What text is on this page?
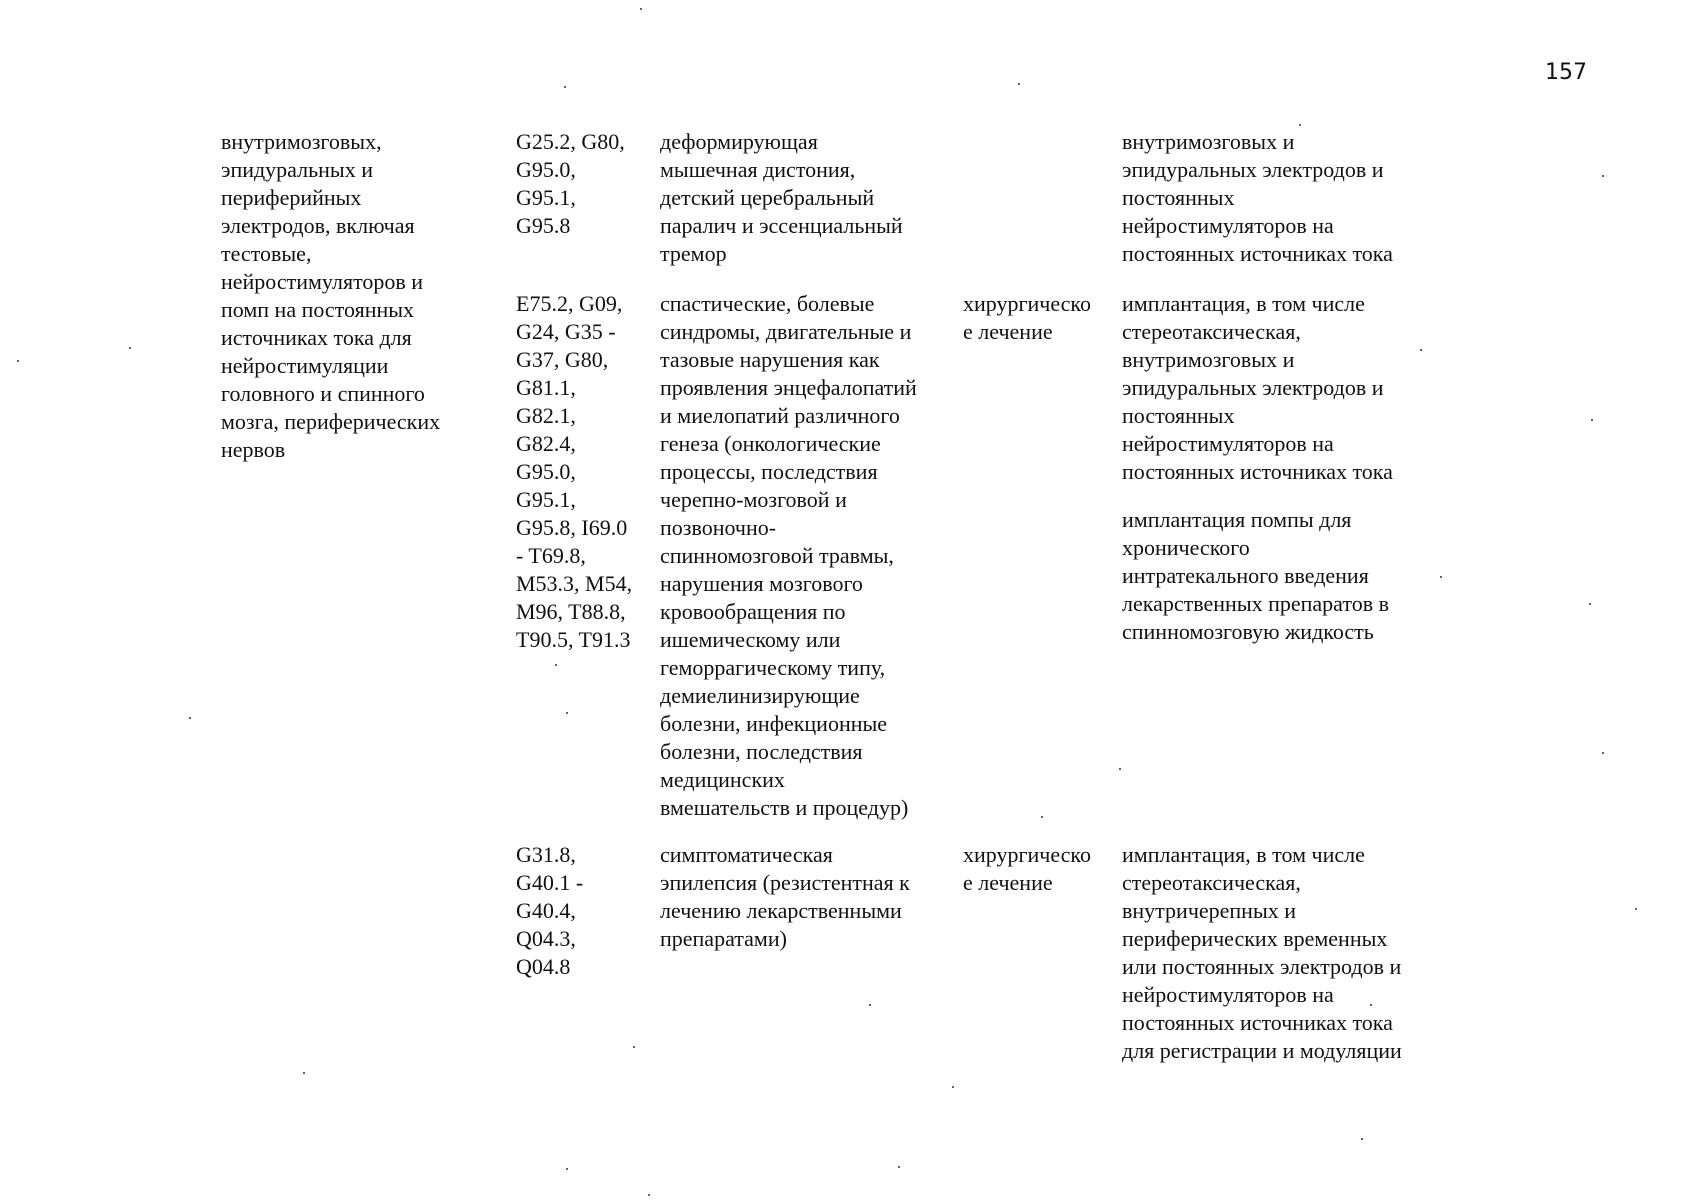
157
внутримозговых,
эпидуральных и
периферийных
электродов, включая
тестовые,
нейростимуляторов и
помп на постоянных
источниках тока для
нейростимуляции
головного и спинного
мозга, периферических
нервов
G25.2, G80,
G95.0,
G95.1,
G95.8
деформирующая
мышечная дистония,
детский церебральный
паралич и эссенциальный
тремор
внутримозговых и
эпидуральных электродов и
постоянных
нейростимуляторов на
постоянных источниках тока
E75.2, G09,
G24, G35 -
G37, G80,
G81.1,
G82.1,
G82.4,
G95.0,
G95.1,
G95.8, I69.0
- T69.8,
M53.3, M54,
M96, T88.8,
T90.5, T91.3
спастические, болевые
синдромы, двигательные и
тазовые нарушения как
проявления энцефалопатий
и миелопатий различного
генеза (онкологические
процессы, последствия
черепно-мозговой и
позвоночно-
спинномозговой травмы,
нарушения мозгового
кровообращения по
ишемическому или
геморрагическому типу,
демиелинизирующие
болезни, инфекционные
болезни, последствия
медицинских
вмешательств и процедур)
хирургическо
е лечение
имплантация, в том числе
стереотаксическая,
внутримозговых и
эпидуральных электродов и
постоянных
нейростимуляторов на
постоянных источниках тока
имплантация помпы для
хронического
интратекального введения
лекарственных препаратов в
спинномозговую жидкость
G31.8,
G40.1 -
G40.4,
Q04.3,
Q04.8
симптоматическая
эпилепсия (резистентная к
лечению лекарственными
препаратами)
хирургическо
е лечение
имплантация, в том числе
стереотаксическая,
внутричерепных и
периферических временных
или постоянных электродов и
нейростимуляторов на
постоянных источниках тока
для регистрации и модуляции
